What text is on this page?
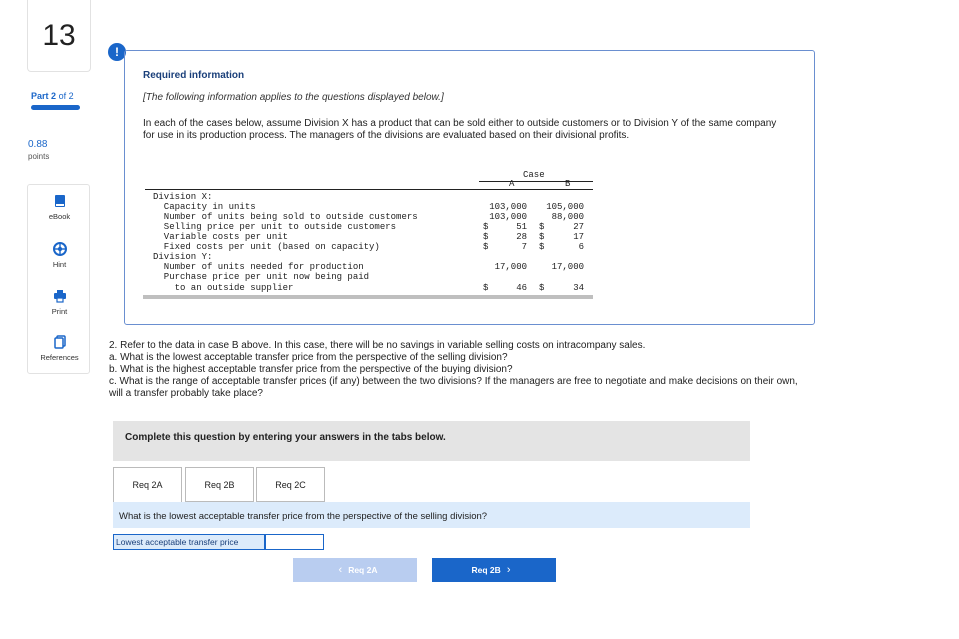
13
Part 2 of 2
0.88
points
eBook
Hint
Print
References
!
Required information
[The following information applies to the questions displayed below.]
In each of the cases below, assume Division X has a product that can be sold either to outside customers or to Division Y of the same company for use in its production process. The managers of the divisions are evaluated based on their divisional profits.
Case
A	B
Division X:
Capacity in units	103,000 105,000
Number of units being sold to outside customers	103,000	88,000
Selling price per unit to outside customers	$	51 $	27
Variable costs per unit	$	28 $	17
Fixed costs per unit (based on capacity)	$	7 $	6
Division Y:
Number of units needed for production	17,000	17,000
Purchase price per unit now being paid
to an outside supplier	$	46 $	34
2. Refer to the data in case B above. In this case, there will be no savings in variable selling costs on intracompany sales.
a. What is the lowest acceptable transfer price from the perspective of the selling division?
b. What is the highest acceptable transfer price from the perspective of the buying division?
c. What is the range of acceptable transfer prices (if any) between the two divisions? If the managers are free to negotiate and make decisions on their own, will a transfer probably take place?
Complete this question by entering your answers in the tabs below.
Req 2A	Req 2B	Req 2C
What is the lowest acceptable transfer price from the perspective of the selling division?
Lowest acceptable transfer price
‹ Req 2A	Req 2B ›
